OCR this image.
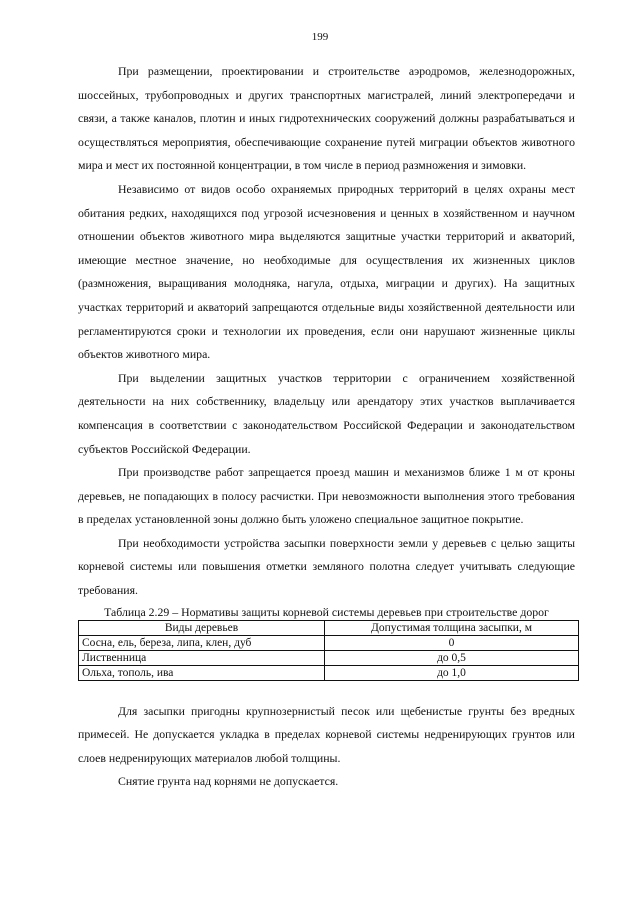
199

При размещении, проектировании и строительстве аэродромов, железнодорожных, шоссейных, трубопроводных и других транспортных магистралей, линий электропередачи и связи, а также каналов, плотин и иных гидротехнических сооружений должны разрабатываться и осуществляться мероприятия, обеспечивающие сохранение путей миграции объектов животного мира и мест их постоянной концентрации, в том числе в период размножения и зимовки.

Независимо от видов особо охраняемых природных территорий в целях охраны мест обитания редких, находящихся под угрозой исчезновения и ценных в хозяйственном и научном отношении объектов животного мира выделяются защитные участки территорий и акваторий, имеющие местное значение, но необходимые для осуществления их жизненных циклов (размножения, выращивания молодняка, нагула, отдыха, миграции и других). На защитных участках территорий и акваторий запрещаются отдельные виды хозяйственной деятельности или регламентируются сроки и технологии их проведения, если они нарушают жизненные циклы объектов животного мира.

При выделении защитных участков территории с ограничением хозяйственной деятельности на них собственнику, владельцу или арендатору этих участков выплачивается компенсация в соответствии с законодательством Российской Федерации и законодательством субъектов Российской Федерации.

При производстве работ запрещается проезд машин и механизмов ближе 1 м от кроны деревьев, не попадающих в полосу расчистки. При невозможности выполнения этого требования в пределах установленной зоны должно быть уложено специальное защитное покрытие.

При необходимости устройства засыпки поверхности земли у деревьев с целью защиты корневой системы или повышения отметки земляного полотна следует учитывать следующие требования.

Таблица 2.29 – Нормативы защиты корневой системы деревьев при строительстве дорог

Виды деревьев	Допустимая толщина засыпки, м
Сосна, ель, береза, липа, клен, дуб	0
Лиственница	до 0,5
Ольха, тополь, ива	до 1,0

Для засыпки пригодны крупнозернистый песок или щебенистые грунты без вредных примесей. Не допускается укладка в пределах корневой системы недренирующих грунтов или слоев недренирующих материалов любой толщины.

Снятие грунта над корнями не допускается.
